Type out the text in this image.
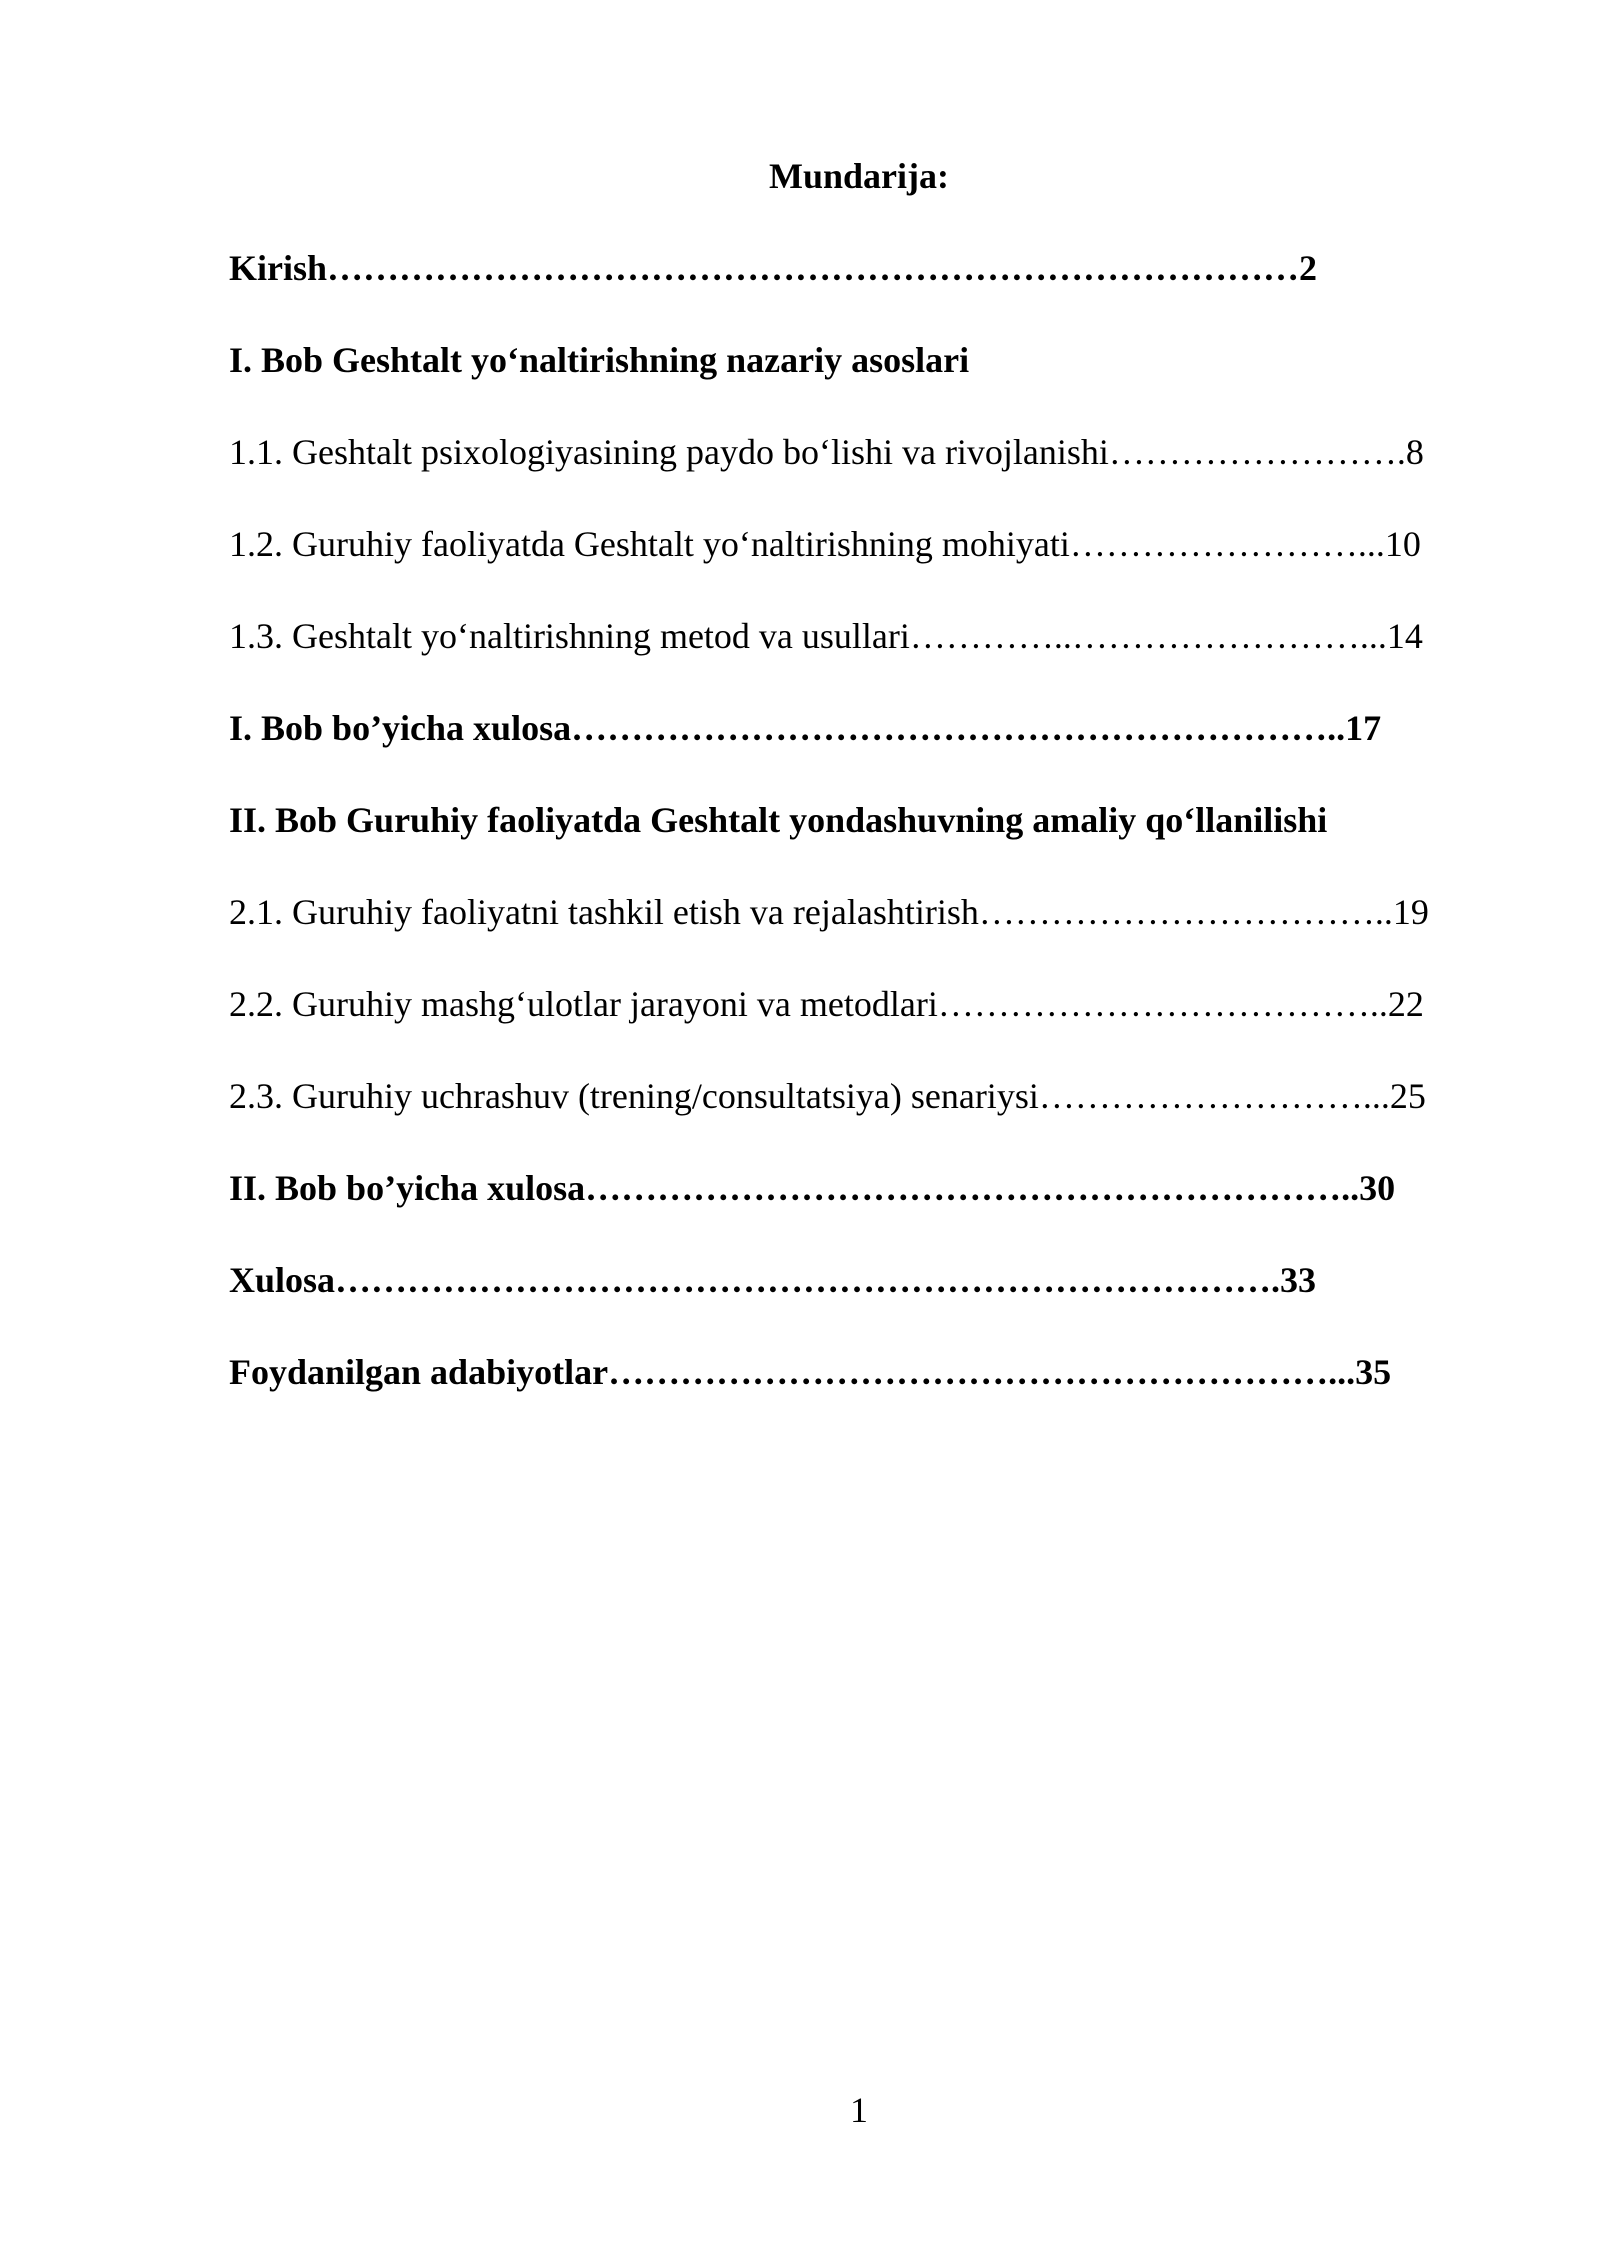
Mundarija:
Kirish………………………………………………………………………2
I. Bob Geshtalt yo‘naltirishning nazariy asoslari
1.1. Geshtalt psixologiyasining paydo bo‘lishi va rivojlanishi…………………….8
1.2. Guruhiy faoliyatda Geshtalt yo‘naltirishning mohiyati……………………...10
1.3. Geshtalt yo‘naltirishning metod va usullari…………..……………………...14
I. Bob bo’yicha xulosa………………………………………………………..17
II. Bob Guruhiy faoliyatda Geshtalt yondashuvning amaliy qo‘llanilishi
2.1. Guruhiy faoliyatni tashkil etish va rejalashtirish……………………………..19
2.2. Guruhiy mashg‘ulotlar jarayoni va metodlari………………………………..22
2.3. Guruhiy uchrashuv (trening/consultatsiya) senariysi………………………...25
II. Bob bo’yicha xulosa………………………………………………………..30
Xulosa…………………………………………………………………….33
Foydanilgan adabiyotlar……………………………………………………...35
1
